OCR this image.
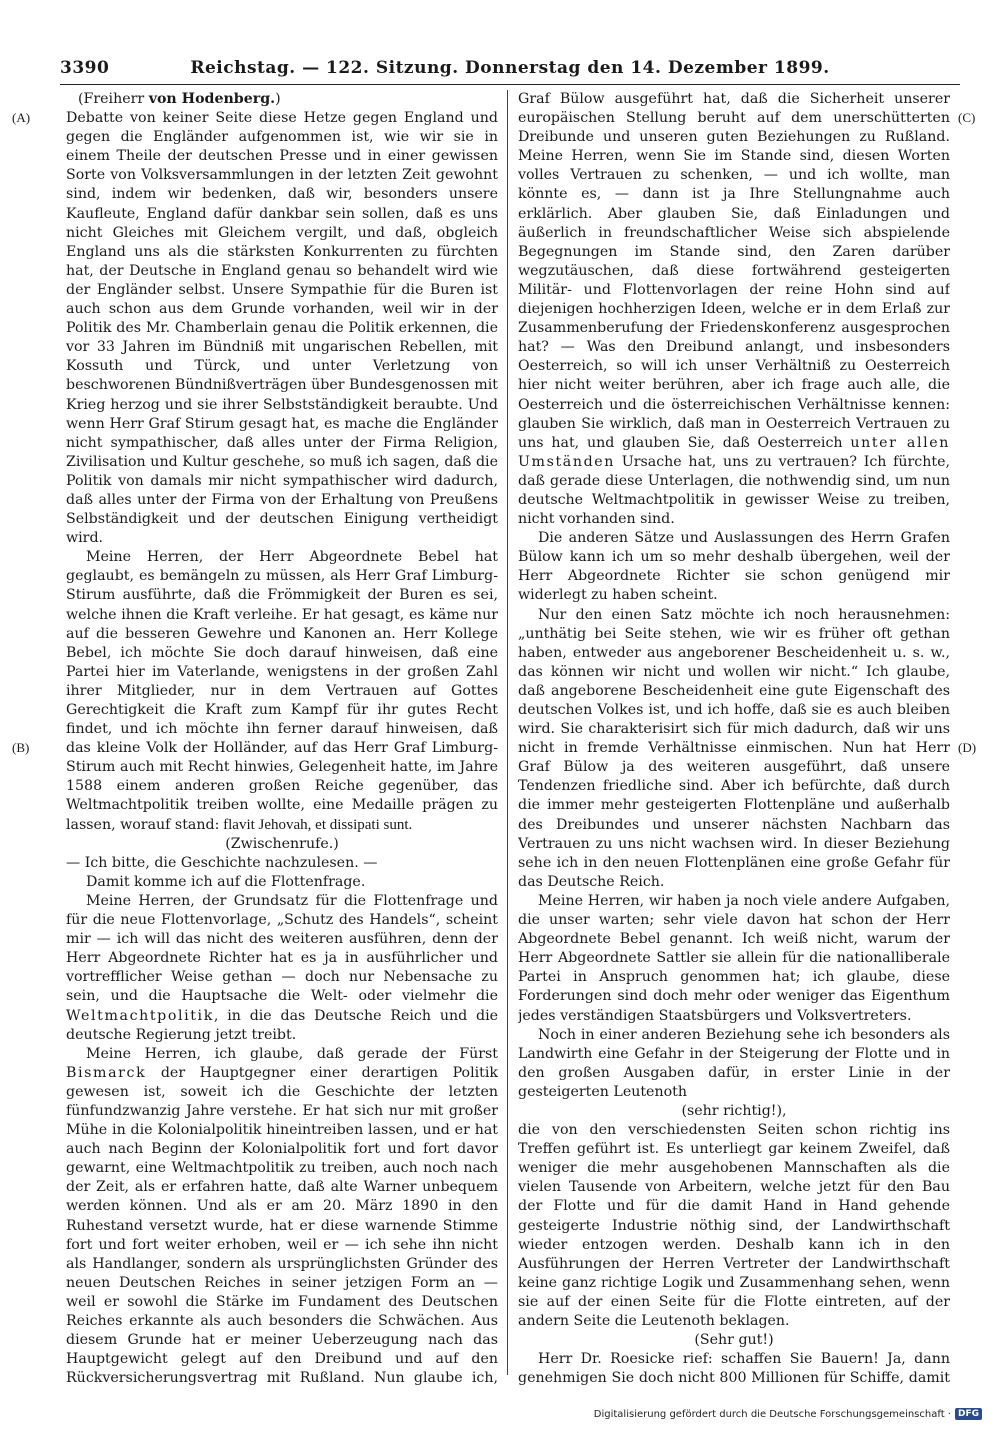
3390	Reichstag. — 122. Sitzung. Donnerstag den 14. Dezember 1899.
(A)
(B)
(C)
(D)

(Freiherr von Hodenberg.)

Debatte von keiner Seite diese Hetze gegen England und gegen die Engländer aufgenommen ist, wie wir sie in einem Theile der deutschen Presse und in einer gewissen Sorte von Volksversammlungen in der letzten Zeit gewohnt sind, indem wir bedenken, daß wir, besonders unsere Kaufleute, England dafür dankbar sein sollen, daß es uns nicht Gleiches mit Gleichem vergilt, und daß, obgleich England uns als die stärksten Konkurrenten zu fürchten hat, der Deutsche in England genau so behandelt wird wie der Engländer selbst. Unsere Sympathie für die Buren ist auch schon aus dem Grunde vorhanden, weil wir in der Politik des Mr. Chamberlain genau die Politik erkennen, die vor 33 Jahren im Bündniß mit ungarischen Rebellen, mit Kossuth und Türck, und unter Verletzung von beschworenen Bündnißverträgen über Bundesgenossen mit Krieg herzog und sie ihrer Selbstständigkeit beraubte. Und wenn Herr Graf Stirum gesagt hat, es mache die Engländer nicht sympathischer, daß alles unter der Firma Religion, Zivilisation und Kultur geschehe, so muß ich sagen, daß die Politik von damals mir nicht sympathischer wird dadurch, daß alles unter der Firma von der Erhaltung von Preußens Selbständigkeit und der deutschen Einigung vertheidigt wird.

Meine Herren, der Herr Abgeordnete Bebel hat geglaubt, es bemängeln zu müssen, als Herr Graf Limburg-Stirum ausführte, daß die Frömmigkeit der Buren es sei, welche ihnen die Kraft verleihe. Er hat gesagt, es käme nur auf die besseren Gewehre und Kanonen an. Herr Kollege Bebel, ich möchte Sie doch darauf hinweisen, daß eine Partei hier im Vaterlande, wenigstens in der großen Zahl ihrer Mitglieder, nur in dem Vertrauen auf Gottes Gerechtigkeit die Kraft zum Kampf für ihr gutes Recht findet, und ich möchte ihn ferner darauf hinweisen, daß das kleine Volk der Holländer, auf das Herr Graf Limburg-Stirum auch mit Recht hinwies, Gelegenheit hatte, im Jahre 1588 einem anderen großen Reiche gegenüber, das Weltmachtpolitik treiben wollte, eine Medaille prägen zu lassen, worauf stand: flavit Jehovah, et dissipati sunt.

(Zwischenrufe.)

— Ich bitte, die Geschichte nachzulesen. —

Damit komme ich auf die Flottenfrage.

Meine Herren, der Grundsatz für die Flottenfrage und für die neue Flottenvorlage, „Schutz des Handels“, scheint mir — ich will das nicht des weiteren ausführen, denn der Herr Abgeordnete Richter hat es ja in ausführlicher und vortrefflicher Weise gethan — doch nur Nebensache zu sein, und die Hauptsache die Welt- oder vielmehr die Weltmachtpolitik, in die das Deutsche Reich und die deutsche Regierung jetzt treibt.

Meine Herren, ich glaube, daß gerade der Fürst Bismarck der Hauptgegner einer derartigen Politik gewesen ist, soweit ich die Geschichte der letzten fünfundzwanzig Jahre verstehe. Er hat sich nur mit großer Mühe in die Kolonialpolitik hineintreiben lassen, und er hat auch nach Beginn der Kolonialpolitik fort und fort davor gewarnt, eine Weltmachtpolitik zu treiben, auch noch nach der Zeit, als er erfahren hatte, daß alte Warner unbequem werden können. Und als er am 20. März 1890 in den Ruhestand versetzt wurde, hat er diese warnende Stimme fort und fort weiter erhoben, weil er — ich sehe ihn nicht als Handlanger, sondern als ursprünglichsten Gründer des neuen Deutschen Reiches in seiner jetzigen Form an — weil er sowohl die Stärke im Fundament des Deutschen Reiches erkannte als auch besonders die Schwächen. Aus diesem Grunde hat er meiner Ueberzeugung nach das Hauptgewicht gelegt auf den Dreibund und auf den Rückversicherungsvertrag mit Rußland. Nun glaube ich,

Graf Bülow ausgeführt hat, daß die Sicherheit unserer europäischen Stellung beruht auf dem unerschütterten Dreibunde und unseren guten Beziehungen zu Rußland. Meine Herren, wenn Sie im Stande sind, diesen Worten volles Vertrauen zu schenken, — und ich wollte, man könnte es, — dann ist ja Ihre Stellungnahme auch erklärlich. Aber glauben Sie, daß Einladungen und äußerlich in freundschaftlicher Weise sich abspielende Begegnungen im Stande sind, den Zaren darüber wegzutäuschen, daß diese fortwährend gesteigerten Militär- und Flottenvorlagen der reine Hohn sind auf diejenigen hochherzigen Ideen, welche er in dem Erlaß zur Zusammenberufung der Friedenskonferenz ausgesprochen hat? — Was den Dreibund anlangt, und insbesonders Oesterreich, so will ich unser Verhältniß zu Oesterreich hier nicht weiter berühren, aber ich frage auch alle, die Oesterreich und die österreichischen Verhältnisse kennen: glauben Sie wirklich, daß man in Oesterreich Vertrauen zu uns hat, und glauben Sie, daß Oesterreich unter allen Umständen Ursache hat, uns zu vertrauen? Ich fürchte, daß gerade diese Unterlagen, die nothwendig sind, um nun deutsche Weltmachtpolitik in gewisser Weise zu treiben, nicht vorhanden sind.

Die anderen Sätze und Auslassungen des Herrn Grafen Bülow kann ich um so mehr deshalb übergehen, weil der Herr Abgeordnete Richter sie schon genügend mir widerlegt zu haben scheint.

Nur den einen Satz möchte ich noch herausnehmen: „unthätig bei Seite stehen, wie wir es früher oft gethan haben, entweder aus angeborener Bescheidenheit u. s. w., das können wir nicht und wollen wir nicht.“ Ich glaube, daß angeborene Bescheidenheit eine gute Eigenschaft des deutschen Volkes ist, und ich hoffe, daß sie es auch bleiben wird. Sie charakterisirt sich für mich dadurch, daß wir uns nicht in fremde Verhältnisse einmischen. Nun hat Herr Graf Bülow ja des weiteren ausgeführt, daß unsere Tendenzen friedliche sind. Aber ich befürchte, daß durch die immer mehr gesteigerten Flottenpläne und außerhalb des Dreibundes und unserer nächsten Nachbarn das Vertrauen zu uns nicht wachsen wird. In dieser Beziehung sehe ich in den neuen Flottenplänen eine große Gefahr für das Deutsche Reich.

Meine Herren, wir haben ja noch viele andere Aufgaben, die unser warten; sehr viele davon hat schon der Herr Abgeordnete Bebel genannt. Ich weiß nicht, warum der Herr Abgeordnete Sattler sie allein für die nationalliberale Partei in Anspruch genommen hat; ich glaube, diese Forderungen sind doch mehr oder weniger das Eigenthum jedes verständigen Staatsbürgers und Volksvertreters.

Noch in einer anderen Beziehung sehe ich besonders als Landwirth eine Gefahr in der Steigerung der Flotte und in den großen Ausgaben dafür, in erster Linie in der gesteigerten Leutenoth

(sehr richtig!),

die von den verschiedensten Seiten schon richtig ins Treffen geführt ist. Es unterliegt gar keinem Zweifel, daß weniger die mehr ausgehobenen Mannschaften als die vielen Tausende von Arbeitern, welche jetzt für den Bau der Flotte und für die damit Hand in Hand gehende gesteigerte Industrie nöthig sind, der Landwirthschaft wieder entzogen werden. Deshalb kann ich in den Ausführungen der Herren Vertreter der Landwirthschaft keine ganz richtige Logik und Zusammenhang sehen, wenn sie auf der einen Seite für die Flotte eintreten, auf der andern Seite die Leutenoth beklagen.

(Sehr gut!)

Herr Dr. Roesicke rief: schaffen Sie Bauern! Ja, dann genehmigen Sie doch nicht 800 Millionen für Schiffe, damit

Digitalisierung gefördert durch die Deutsche Forschungsgemeinschaft · DFG
